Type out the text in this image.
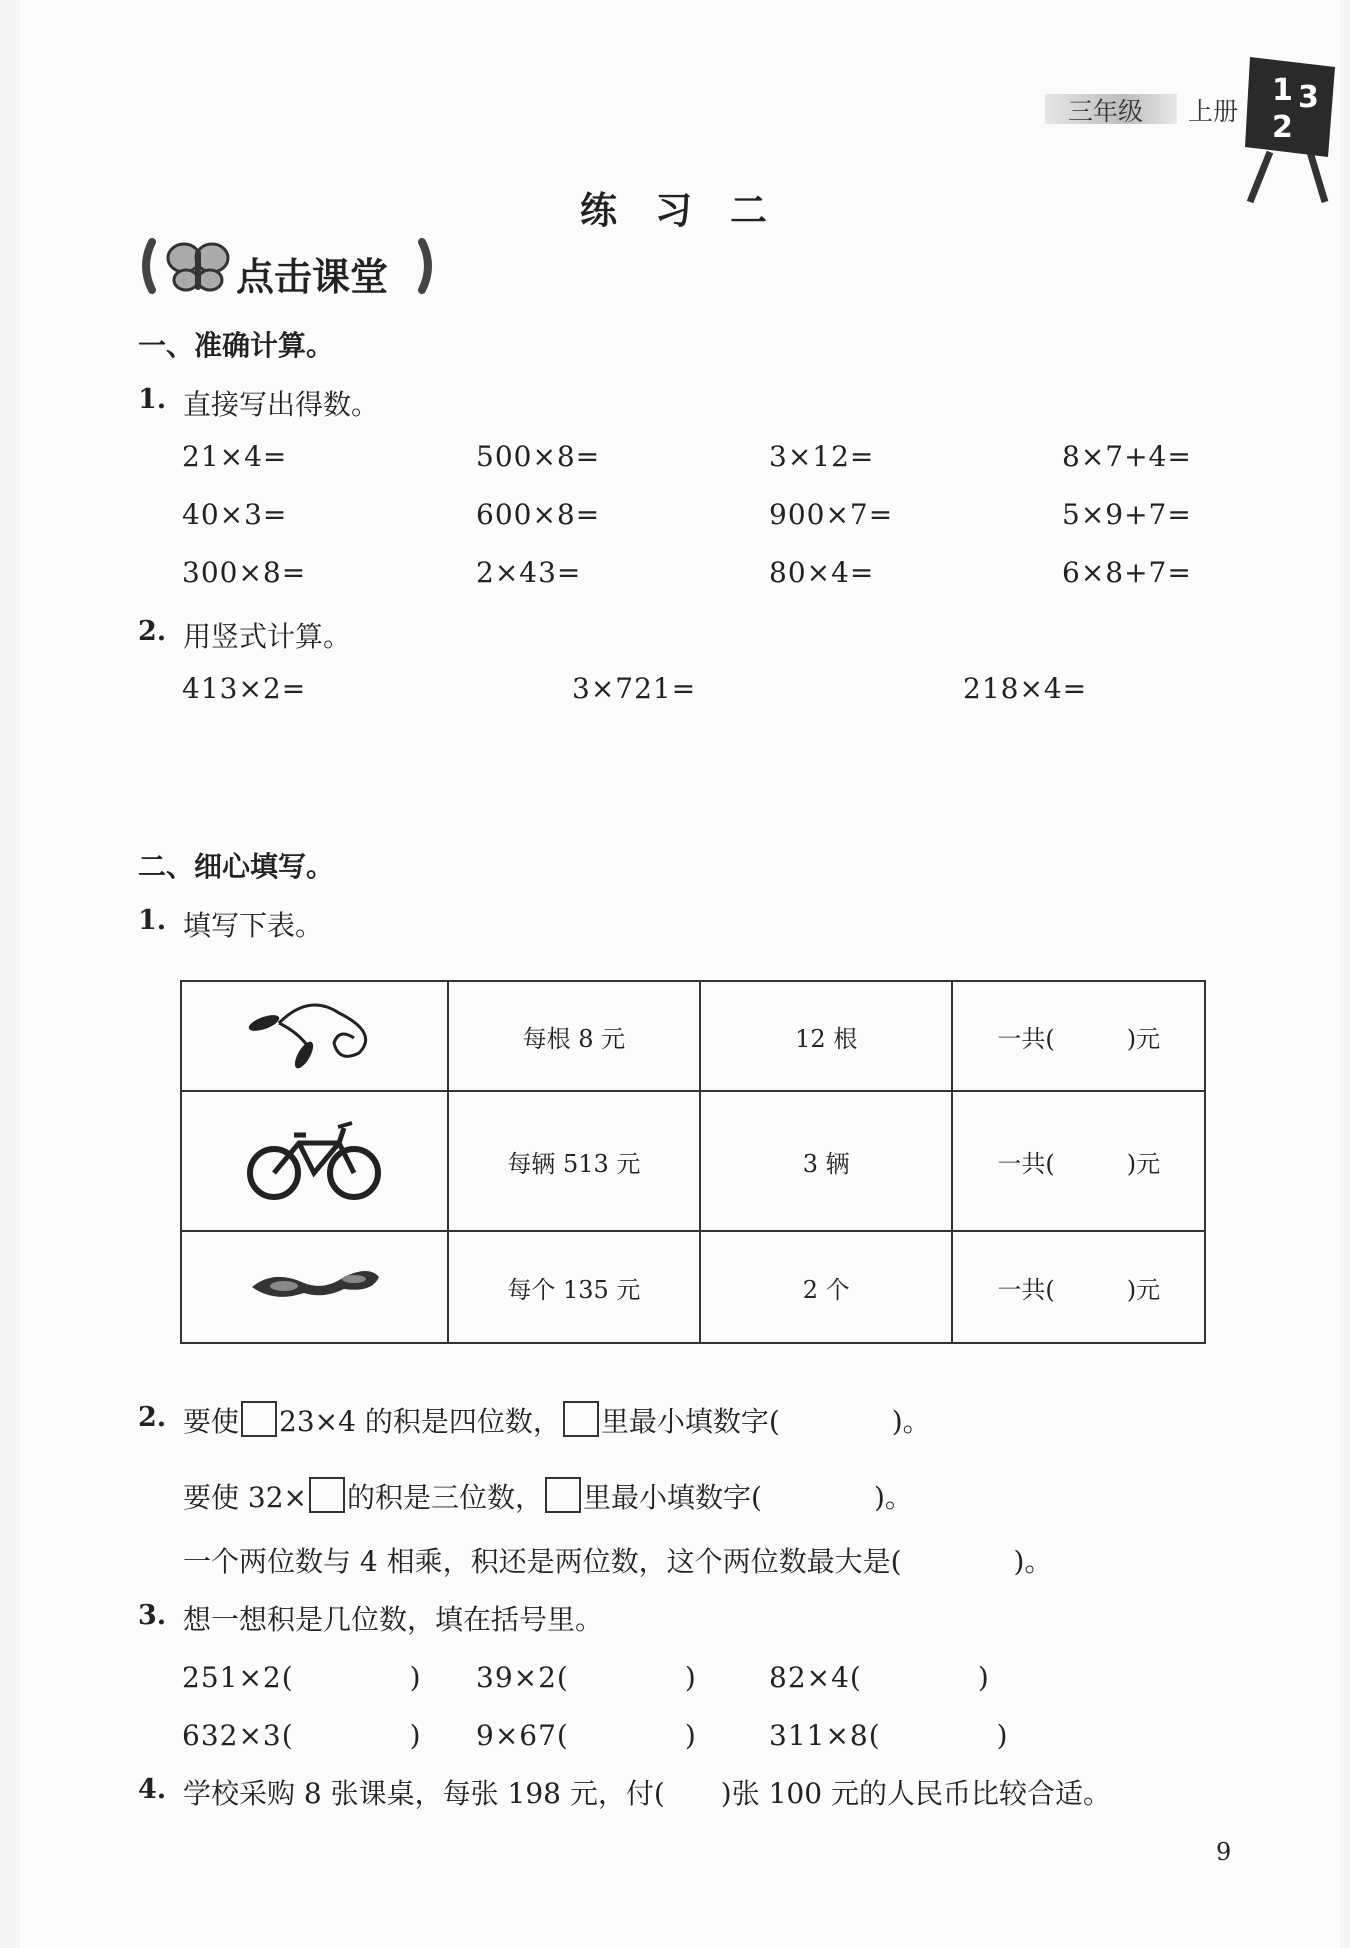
三年级 上册
1 3
2
练习二
点击课堂
一、准确计算。
1. 直接写出得数。
21×4=	500×8=	3×12=	8×7+4=
40×3=	600×8=	900×7=	5×9+7=
300×8=	2×43=	80×4=	6×8+7=
2. 用竖式计算。
413×2=	3×721=	218×4=
二、细心填写。
1. 填写下表。
	每根 8 元	12 根	一共(　　　)元
	每辆 513 元	3 辆	一共(　　　)元
	每个 135 元	2 个	一共(　　　)元
2. 要使 23×4 的积是四位数， 里最小填数字(　　　　)。
要使 32× 的积是三位数， 里最小填数字(　　　　)。
一个两位数与 4 相乘，积还是两位数，这个两位数最大是(　　　　)。
3. 想一想积是几位数，填在括号里。
251×2(　　　　) 39×2(　　　　)	82×4(　　　　)
632×3(　　　　) 9×67(　　　　)	311×8(　　　　)
4. 学校采购 8 张课桌，每张 198 元，付(　　)张 100 元的人民币比较合适。
9
